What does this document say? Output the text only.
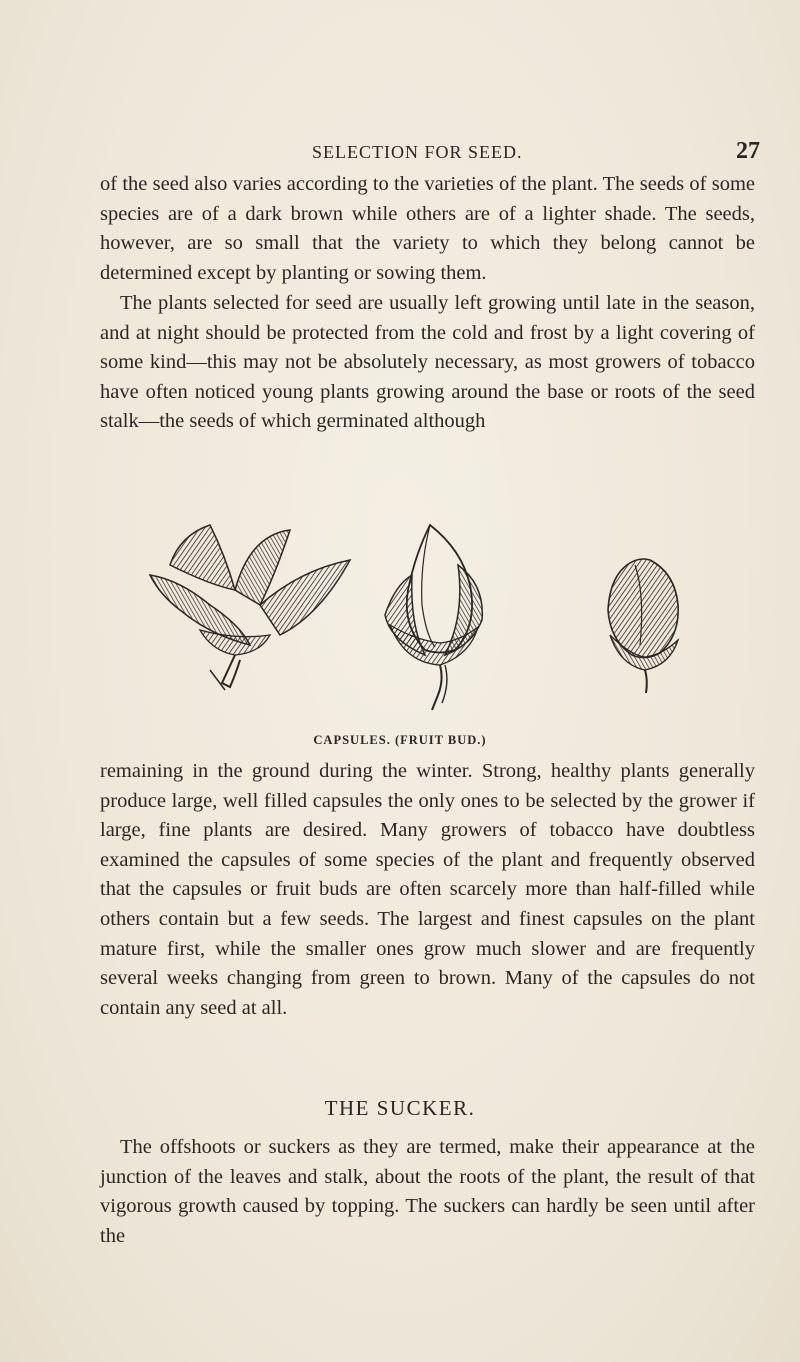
SELECTION FOR SEED.	27

of the seed also varies according to the varieties of the plant. The seeds of some species are of a dark brown while others are of a lighter shade. The seeds, however, are so small that the variety to which they belong cannot be determined except by planting or sowing them.

The plants selected for seed are usually left growing until late in the season, and at night should be protected from the cold and frost by a light covering of some kind—this may not be absolutely necessary, as most growers of tobacco have often noticed young plants growing around the base or roots of the seed stalk—the seeds of which germinated although

CAPSULES. (FRUIT BUD.)

remaining in the ground during the winter. Strong, healthy plants generally produce large, well filled capsules the only ones to be selected by the grower if large, fine plants are desired. Many growers of tobacco have doubtless examined the capsules of some species of the plant and frequently observed that the capsules or fruit buds are often scarcely more than half-filled while others contain but a few seeds. The largest and finest capsules on the plant mature first, while the smaller ones grow much slower and are frequently several weeks changing from green to brown. Many of the capsules do not contain any seed at all.

THE SUCKER.

The offshoots or suckers as they are termed, make their appearance at the junction of the leaves and stalk, about the roots of the plant, the result of that vigorous growth caused by topping. The suckers can hardly be seen until after the
